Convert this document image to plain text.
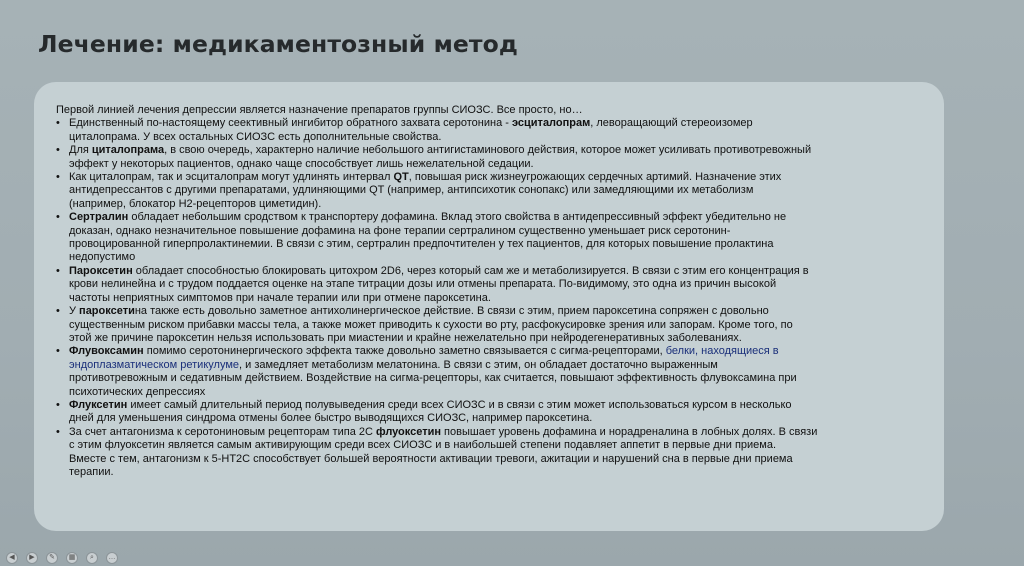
Лечение: медикаментозный метод
Первой линией лечения депрессии является назначение препаратов группы СИОЗС. Все просто, но…
• Единственный по-настоящему сеективный ингибитор обратного захвата серотонина - эсциталопрам, леворащающий стереоизомер
циталопрама. У всех остальных СИОЗС есть дополнительные свойства.
• Для циталопрама, в свою очередь, характерно наличие небольшого антигистаминового действия, которое может усиливать противотревожный
эффект у некоторых пациентов, однако чаще способствует лишь нежелательной седации.
• Как циталопрам, так и эсциталопрам могут удлинять интервал QT, повышая риск жизнеугрожающих сердечных артимий. Назначение этих
антидепрессантов с другими препаратами, удлиняющими QT (например, антипсихотик сонопакс) или замедляющими их метаболизм
(например, блокатор Н2-рецепторов циметидин).
• Сертралин обладает небольшим сродством к транспортеру дофамина. Вклад этого свойства в антидепрессивный эффект убедительно не
доказан, однако незначительное повышение дофамина на фоне терапии сертралином существенно уменьшает риск серотонин-
провоцированной гиперпролактинемии. В связи с этим, сертралин предпочтителен у тех пациентов, для которых повышение пролактина
недопустимо
• Пароксетин обладает способностью блокировать цитохром 2D6, через который сам же и метаболизируется. В связи с этим его концентрация в
крови нелинейна и с трудом поддается оценке на этапе титрации дозы или отмены препарата. По-видимому, это одна из причин высокой
частоты неприятных симптомов при начале терапии или при отмене пароксетина.
• У пароксетина также есть довольно заметное антихолинергическое действие. В связи с этим, прием пароксетина сопряжен с довольно
существенным риском прибавки массы тела, а также может приводить к сухости во рту, расфокусировке зрения или запорам. Кроме того, по
этой же причине пароксетин нельзя использовать при миастении и крайне нежелательно при нейродегенеративных заболеваниях.
• Флувоксамин помимо серотонинергического эффекта также довольно заметно связывается с сигма-рецепторами, белки, находящиеся в
эндоплазматическом ретикулуме, и замедляет метаболизм мелатонина. В связи с этим, он обладает достаточно выраженным
противотревожным и седативным действием. Воздействие на сигма-рецепторы, как считается, повышают эффективность флувоксамина при
психотических депрессиях
• Флуксетин имеет самый длительный период полувыведения среди всех СИОЗС и в связи с этим может использоваться курсом в несколько
дней для уменьшения синдрома отмены более быстро выводящихся СИОЗС, например пароксетина.
• За счет антагонизма к серотониновым рецепторам типа 2С флуоксетин повышает уровень дофамина и норадреналина в лобных долях. В связи
с этим флуоксетин является самым активирующим среди всех СИОЗС и в наибольшей степени подавляет аппетит в первые дни приема.
Вместе с тем, антагонизм к 5-НТ2С способствует большей вероятности активации тревоги, ажитации и нарушений сна в первые дни приема
терапии.
◀	▶	✎	▦	⌕	…
